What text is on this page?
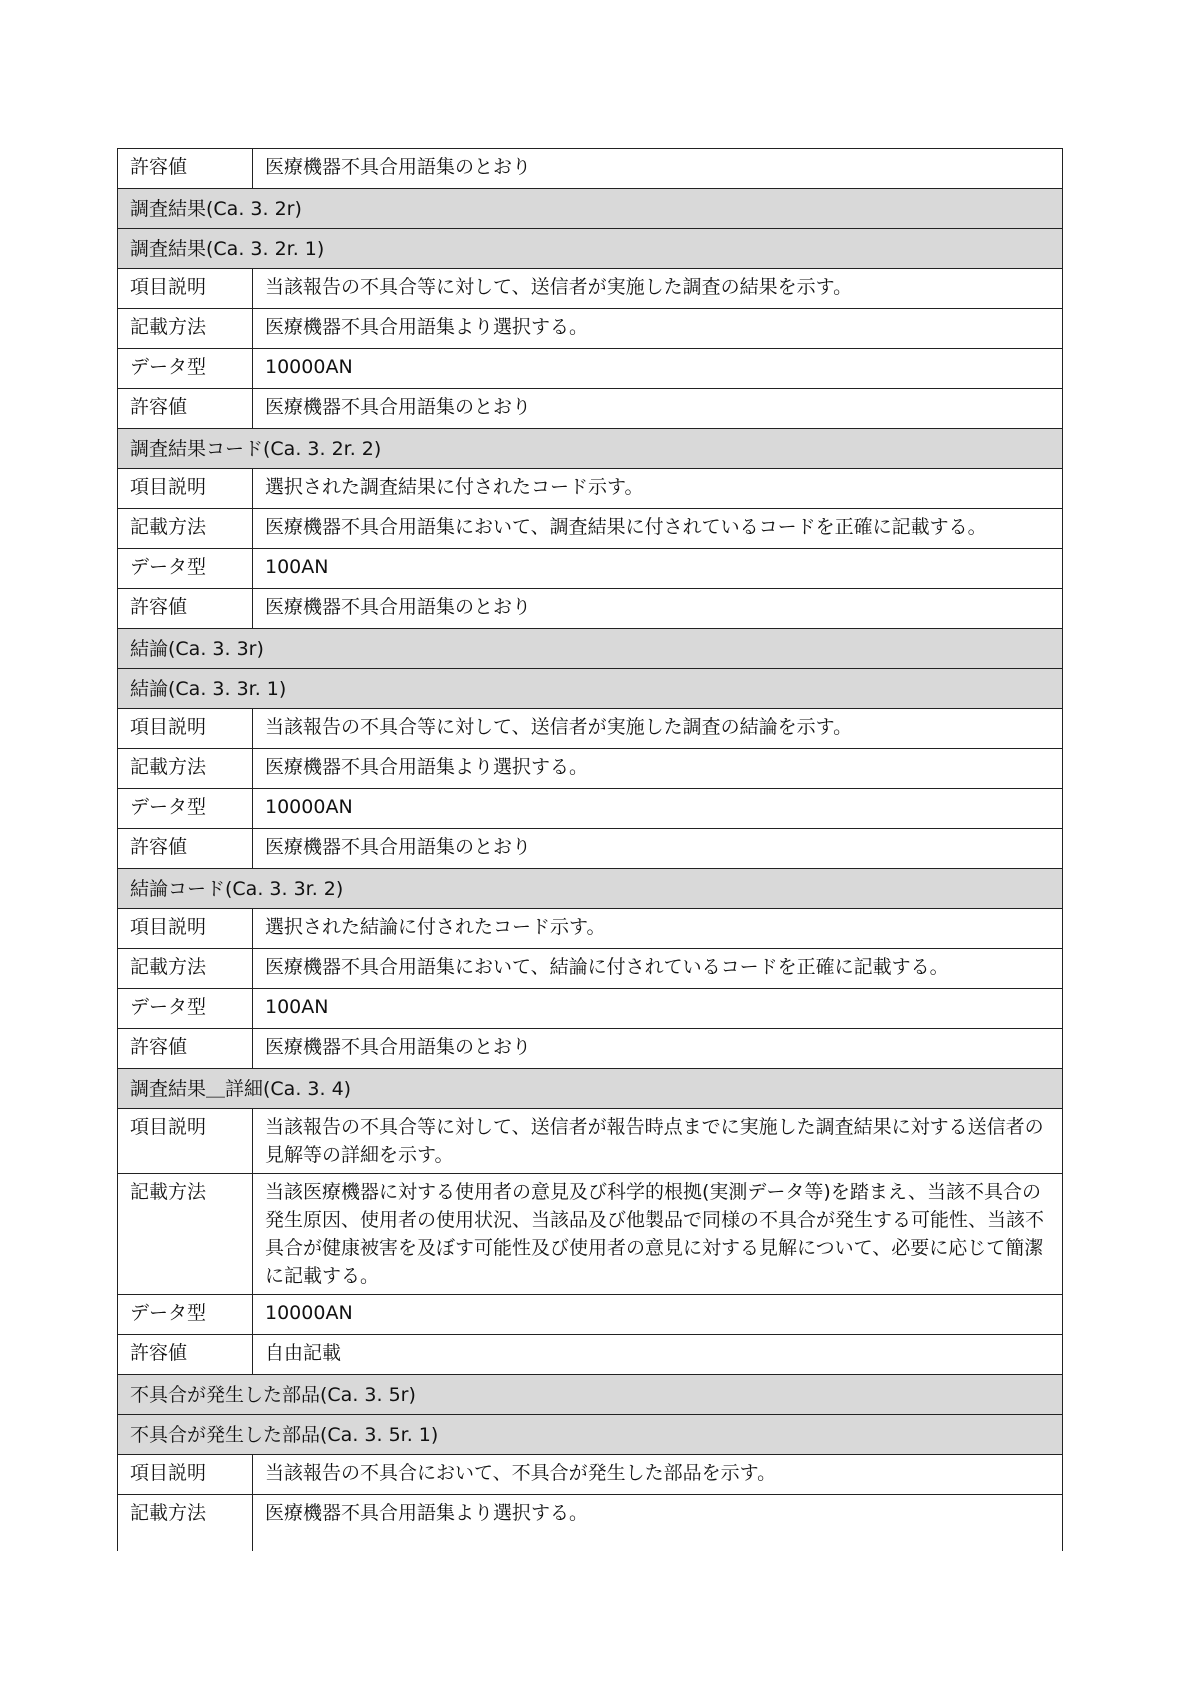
許容値	医療機器不具合用語集のとおり
調査結果(Ca. 3. 2r)	
調査結果(Ca. 3. 2r. 1)	
項目説明	当該報告の不具合等に対して、送信者が実施した調査の結果を示す。
記載方法	医療機器不具合用語集より選択する。
データ型	10000AN
許容値	医療機器不具合用語集のとおり
調査結果コード(Ca. 3. 2r. 2)	
項目説明	選択された調査結果に付されたコード示す。
記載方法	医療機器不具合用語集において、調査結果に付されているコードを正確に記載する。
データ型	100AN
許容値	医療機器不具合用語集のとおり
結論(Ca. 3. 3r)	
結論(Ca. 3. 3r. 1)	
項目説明	当該報告の不具合等に対して、送信者が実施した調査の結論を示す。
記載方法	医療機器不具合用語集より選択する。
データ型	10000AN
許容値	医療機器不具合用語集のとおり
結論コード(Ca. 3. 3r. 2)	
項目説明	選択された結論に付されたコード示す。
記載方法	医療機器不具合用語集において、結論に付されているコードを正確に記載する。
データ型	100AN
許容値	医療機器不具合用語集のとおり
調査結果＿詳細(Ca. 3. 4)	
項目説明	当該報告の不具合等に対して、送信者が報告時点までに実施した調査結果に対する送信者の見解等の詳細を示す。
記載方法	当該医療機器に対する使用者の意見及び科学的根拠(実測データ等)を踏まえ、当該不具合の発生原因、使用者の使用状況、当該品及び他製品で同様の不具合が発生する可能性、当該不具合が健康被害を及ぼす可能性及び使用者の意見に対する見解について、必要に応じて簡潔に記載する。
データ型	10000AN
許容値	自由記載
不具合が発生した部品(Ca. 3. 5r)	
不具合が発生した部品(Ca. 3. 5r. 1)	
項目説明	当該報告の不具合において、不具合が発生した部品を示す。
記載方法	医療機器不具合用語集より選択する。
